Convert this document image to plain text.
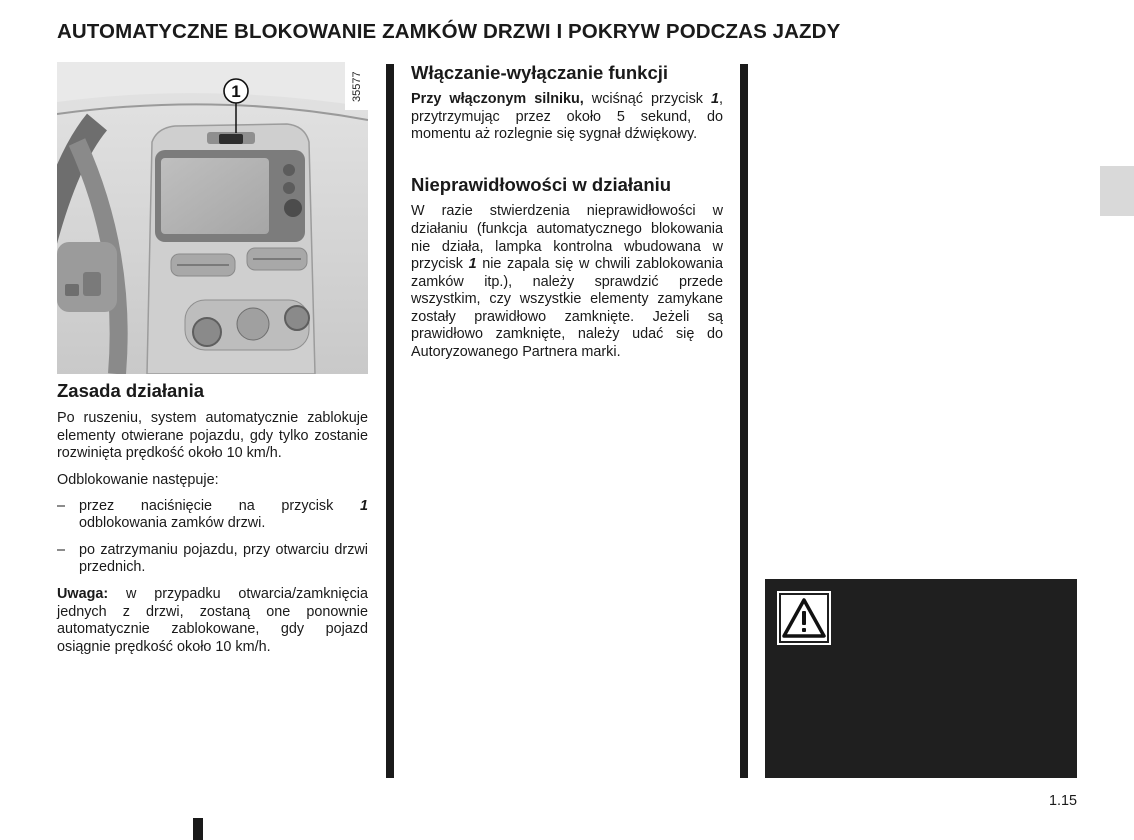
AUTOMATYCZNE BLOKOWANIE ZAMKÓW DRZWI I POKRYW PODCZAS JAZDY
1	35577
Zasada działania

Po ruszeniu, system automatycznie zablokuje elementy otwierane pojazdu, gdy tylko zostanie rozwinięta prędkość około 10 km/h.

Odblokowanie następuje:

– przez naciśnięcie na przycisk 1 odblokowania zamków drzwi.
– po zatrzymaniu pojazdu, przy otwarciu drzwi przednich.

Uwaga: w przypadku otwarcia/zamknięcia jednych z drzwi, zostaną one ponownie automatycznie zablokowane, gdy pojazd osiągnie prędkość około 10 km/h.

Włączanie-wyłączanie funkcji

Przy włączonym silniku, wciśnąć przycisk 1, przytrzymując przez około 5 sekund, do momentu aż rozlegnie się sygnał dźwiękowy.

Nieprawidłowości w działaniu

W razie stwierdzenia nieprawidłowości w działaniu (funkcja automatycznego blokowania nie działa, lampka kontrolna wbudowana w przycisk 1 nie zapala się w chwili zablokowania zamków itp.), należy sprawdzić przede wszystkim, czy wszystkie elementy zamykane zostały prawidłowo zamknięte. Jeżeli są prawidłowo zamknięte, należy udać się do Autoryzowanego Partnera marki.

1.15
